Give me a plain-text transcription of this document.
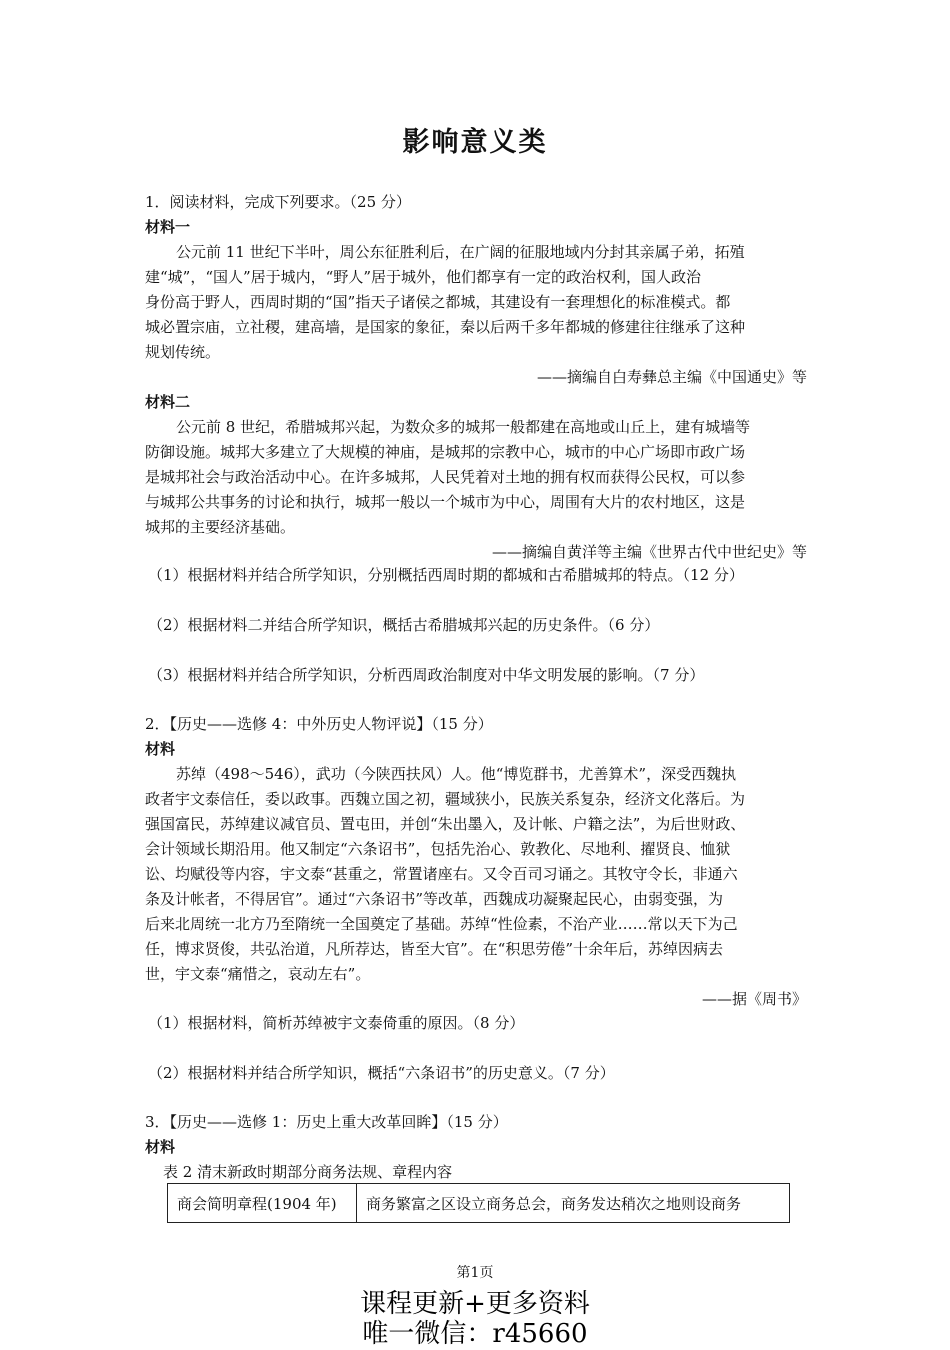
影响意义类
1．阅读材料，完成下列要求。（25 分）
材料一
公元前 11 世纪下半叶，周公东征胜利后，在广阔的征服地域内分封其亲属子弟，拓殖
建“城”，“国人”居于城内，“野人”居于城外，他们都享有一定的政治权利，国人政治
身份高于野人，西周时期的“国”指天子诸侯之都城，其建设有一套理想化的标准模式。都
城必置宗庙，立社稷，建高墙，是国家的象征，秦以后两千多年都城的修建往往继承了这种
规划传统。
——摘编自白寿彝总主编《中国通史》等
材料二
公元前 8 世纪，希腊城邦兴起，为数众多的城邦一般都建在高地或山丘上，建有城墙等
防御设施。城邦大多建立了大规模的神庙，是城邦的宗教中心，城市的中心广场即市政广场
是城邦社会与政治活动中心。在许多城邦，人民凭着对土地的拥有权而获得公民权，可以参
与城邦公共事务的讨论和执行，城邦一般以一个城市为中心，周围有大片的农村地区，这是
城邦的主要经济基础。
——摘编自黄洋等主编《世界古代中世纪史》等
（1）根据材料并结合所学知识，分别概括西周时期的都城和古希腊城邦的特点。（12 分）
（2）根据材料二并结合所学知识，概括古希腊城邦兴起的历史条件。（6 分）
（3）根据材料并结合所学知识，分析西周政治制度对中华文明发展的影响。（7 分）
2．【历史——选修 4：中外历史人物评说】（15 分）
材料
苏绰（498～546），武功（今陕西扶风）人。他“博览群书，尤善算术”，深受西魏执
政者宇文泰信任，委以政事。西魏立国之初，疆域狭小，民族关系复杂，经济文化落后。为
强国富民，苏绰建议减官员、置屯田，并创“朱出墨入，及计帐、户籍之法”，为后世财政、
会计领域长期沿用。他又制定“六条诏书”，包括先治心、敦教化、尽地利、擢贤良、恤狱
讼、均赋役等内容，宇文泰“甚重之，常置诸座右。又令百司习诵之。其牧守令长，非通六
条及计帐者，不得居官”。通过“六条诏书”等改革，西魏成功凝聚起民心，由弱变强，为
后来北周统一北方乃至隋统一全国奠定了基础。苏绰“性俭素，不治产业……常以天下为己
任，博求贤俊，共弘治道，凡所荐达，皆至大官”。在“积思劳倦”十余年后，苏绰因病去
世，宇文泰“痛惜之，哀动左右”。
——据《周书》
（1）根据材料，简析苏绰被宇文泰倚重的原因。（8 分）
（2）根据材料并结合所学知识，概括“六条诏书”的历史意义。（7 分）
3．【历史——选修 1：历史上重大改革回眸】（15 分）
材料
表 2 清末新政时期部分商务法规、章程内容
商会简明章程(1904 年)	商务繁富之区设立商务总会，商务发达稍次之地则设商务
第1页
课程更新+更多资料
唯一微信：r45660
